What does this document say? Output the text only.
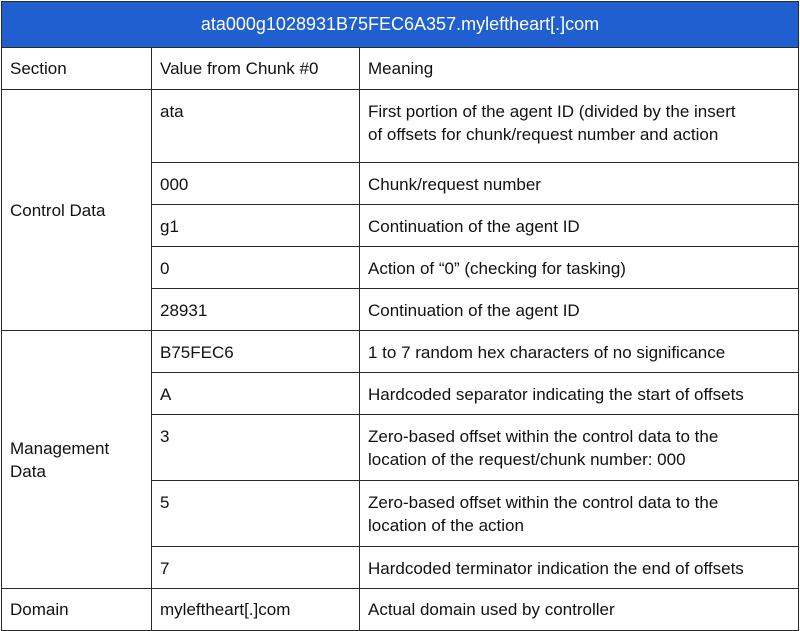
ata000g1028931B75FEC6A357.myleftheart[.]com		
Section	Value from Chunk #0	Meaning
Control Data	ata	First portion of the agent ID (divided by the insert
of offsets for chunk/request number and action
	000	Chunk/request number
	g1	Continuation of the agent ID
	0	Action of “0” (checking for tasking)
	28931	Continuation of the agent ID
Management
Data	B75FEC6	1 to 7 random hex characters of no significance
	A	Hardcoded separator indicating the start of offsets
	3	Zero-based offset within the control data to the
location of the request/chunk number: 000
	5	Zero-based offset within the control data to the
location of the action
	7	Hardcoded terminator indication the end of offsets
Domain	myleftheart[.]com	Actual domain used by controller
